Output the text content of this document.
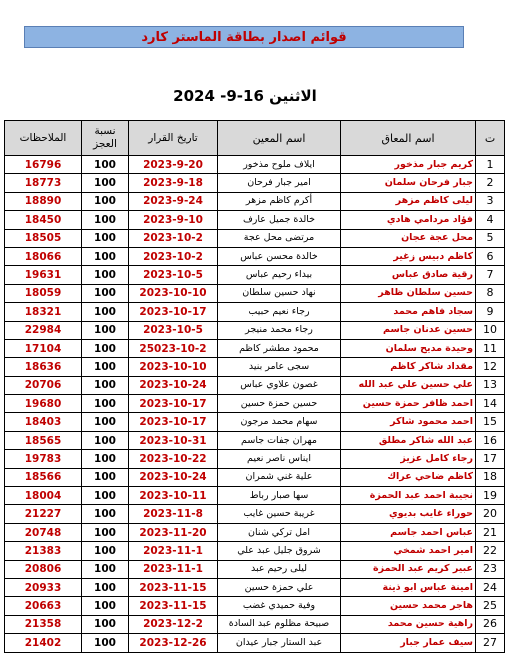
قوائم اصدار بطاقة الماستر كارد
الاثنين 16-9- 2024
ت	اسم المعاق	اسم المعين	تاريخ القرار	نسبة العجز	الملاحظات
1	كريم جبار مذخور	ايلاف ملوح مذخور	2023-9-20	100	16796
2	جبار فرحان سلمان	امير جبار فرحان	2023-9-18	100	18773
3	ليلى كاظم مزهر	أكرم كاظم مزهر	2023-9-24	100	18890
4	فؤاد مردامي هادي	خالدة جميل عارف	2023-9-10	100	18450
5	محل عجة عجان	مرتضى محل عجة	2023-10-2	100	18505
6	كاظم دبيس زغير	خالدة محسن عباس	2023-10-2	100	18066
7	رقية صادق عباس	بيداء رحيم عباس	2023-10-5	100	19631
8	حسين سلطان ظاهر	نهاد حسين سلطان	2023-10-10	100	18059
9	سجاد فاهم محمد	رجاء نعيم حبيب	2023-10-17	100	18321
10	حسين عدنان جاسم	رجاء محمد منيجر	2023-10-5	100	22984
11	وحيدة مديح سلمان	محمود مطشر كاظم	25023-10-2	100	17104
12	مقداد شاكر كاظم	سجى عامر بنيد	2023-10-10	100	18636
13	علي حسين علي عبد الله	غصون علاوي عباس	2023-10-24	100	20706
14	احمد ظافر حمزة حسين	حسين حمزة حسين	2023-10-17	100	19680
15	احمد محمود شاكر	سهام محمد مرجون	2023-10-17	100	18403
16	عبد الله شاكر مطلق	مهران جفات جاسم	2023-10-31	100	18565
17	رجاء كامل عزيز	ايناس ناصر نعيم	2023-10-22	100	19783
18	كاظم ضاحي عراك	علية غني شمران	2023-10-24	100	18566
19	نجيبة احمد عبد الحمزة	سها صبار رباط	2023-10-11	100	18004
20	حوراء غايب بديوي	غريبة حسين غايب	2023-11-8	100	21227
21	عباس احمد جاسم	امل تركي شنان	2023-11-20	100	20748
22	امير احمد شمخي	شروق جليل عبد علي	2023-11-1	100	21383
23	عبير كريم عبد الحمزة	ليلى رحيم عبد	2023-11-1	100	20806
24	امينة عباس ابو ذينة	علي حمزة حسين	2023-11-15	100	20933
25	هاجر محمد حسين	وفية حميدي غضب	2023-11-15	100	20663
26	راهية حسين محمد	صبيحة مظلوم عبد السادة	2023-12-2	100	21358
27	سيف عمار جبار	عبد الستار جبار عيدان	2023-12-26	100	21402
